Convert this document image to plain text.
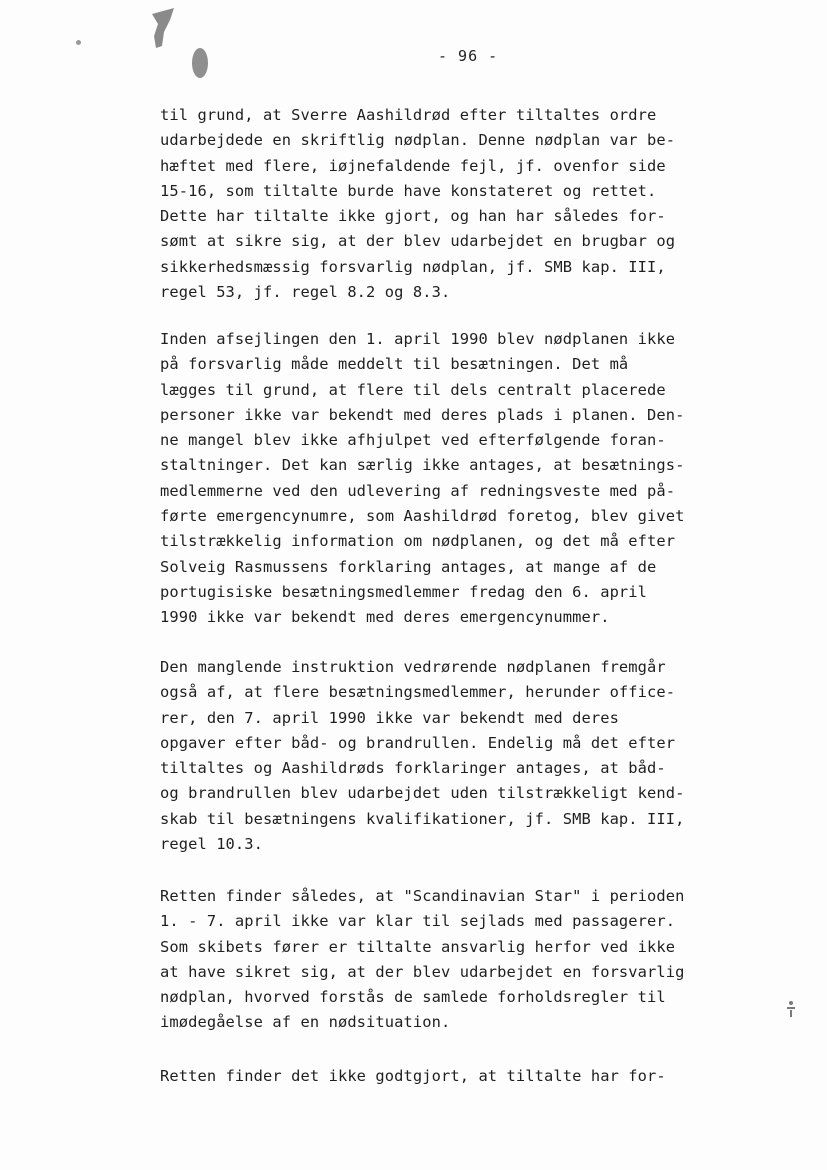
- 96 -
til grund, at Sverre Aashildrød efter tiltaltes ordre
udarbejdede en skriftlig nødplan. Denne nødplan var be-
hæftet med flere, iøjnefaldende fejl, jf. ovenfor side
15-16, som tiltalte burde have konstateret og rettet.
Dette har tiltalte ikke gjort, og han har således for-
sømt at sikre sig, at der blev udarbejdet en brugbar og
sikkerhedsmæssig forsvarlig nødplan, jf. SMB kap. III,
regel 53, jf. regel 8.2 og 8.3.
Inden afsejlingen den 1. april 1990 blev nødplanen ikke
på forsvarlig måde meddelt til besætningen. Det må
lægges til grund, at flere til dels centralt placerede
personer ikke var bekendt med deres plads i planen. Den-
ne mangel blev ikke afhjulpet ved efterfølgende foran-
staltninger. Det kan særlig ikke antages, at besætnings-
medlemmerne ved den udlevering af redningsveste med på-
førte emergencynumre, som Aashildrød foretog, blev givet
tilstrækkelig information om nødplanen, og det må efter
Solveig Rasmussens forklaring antages, at mange af de
portugisiske besætningsmedlemmer fredag den 6. april
1990 ikke var bekendt med deres emergencynummer.
Den manglende instruktion vedrørende nødplanen fremgår
også af, at flere besætningsmedlemmer, herunder office-
rer, den 7. april 1990 ikke var bekendt med deres
opgaver efter båd- og brandrullen. Endelig må det efter
tiltaltes og Aashildrøds forklaringer antages, at båd-
og brandrullen blev udarbejdet uden tilstrækkeligt kend-
skab til besætningens kvalifikationer, jf. SMB kap. III,
regel 10.3.
Retten finder således, at "Scandinavian Star" i perioden
1. - 7. april ikke var klar til sejlads med passagerer.
Som skibets fører er tiltalte ansvarlig herfor ved ikke
at have sikret sig, at der blev udarbejdet en forsvarlig
nødplan, hvorved forstås de samlede forholdsregler til
imødegåelse af en nødsituation.
Retten finder det ikke godtgjort, at tiltalte har for-
